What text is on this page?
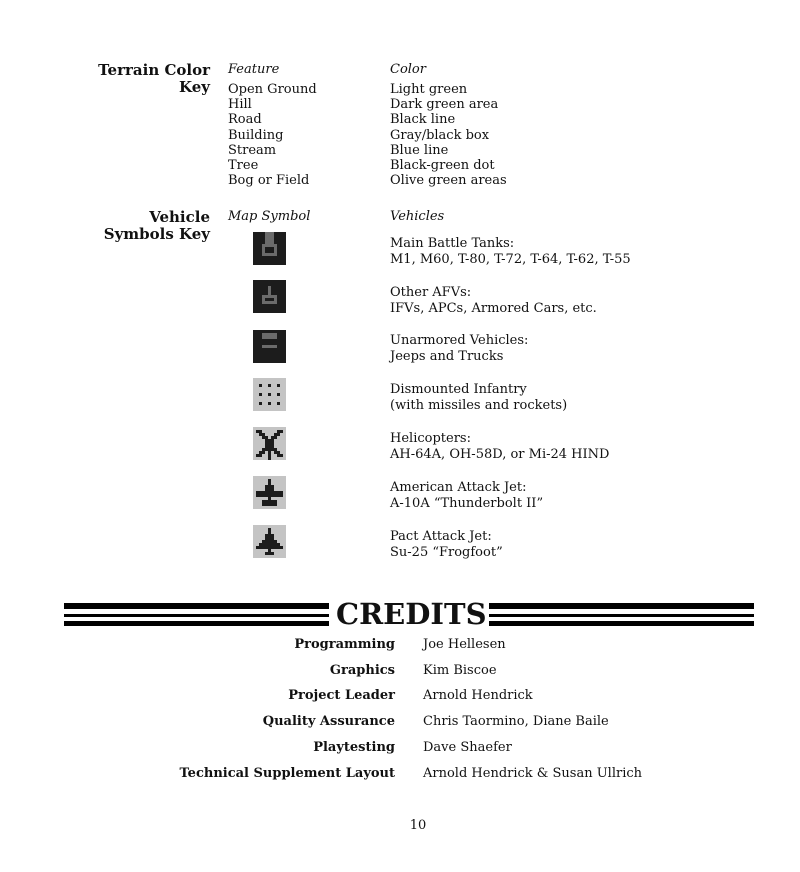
Terrain Color
Key
Feature	Color
Open Ground
Hill
Road
Building
Stream
Tree
Bog or Field
Light green
Dark green area
Black line
Gray/black box
Blue line
Black-green dot
Olive green areas
Vehicle
Symbols Key
Map Symbol	Vehicles
Main Battle Tanks:
M1, M60, T-80, T-72, T-64, T-62, T-55
Other AFVs:
IFVs, APCs, Armored Cars, etc.
Unarmored Vehicles:
Jeeps and Trucks
Dismounted Infantry
(with missiles and rockets)
Helicopters:
AH-64A, OH-58D, or Mi-24 HIND
American Attack Jet:
A-10A “Thunderbolt II”
Pact Attack Jet:
Su-25 “Frogfoot”
CREDITS
Programming Joe Hellesen
Graphics Kim Biscoe
Project Leader Arnold Hendrick
Quality Assurance Chris Taormino, Diane Baile
Playtesting Dave Shaefer
Technical Supplement Layout Arnold Hendrick & Susan Ullrich
10
